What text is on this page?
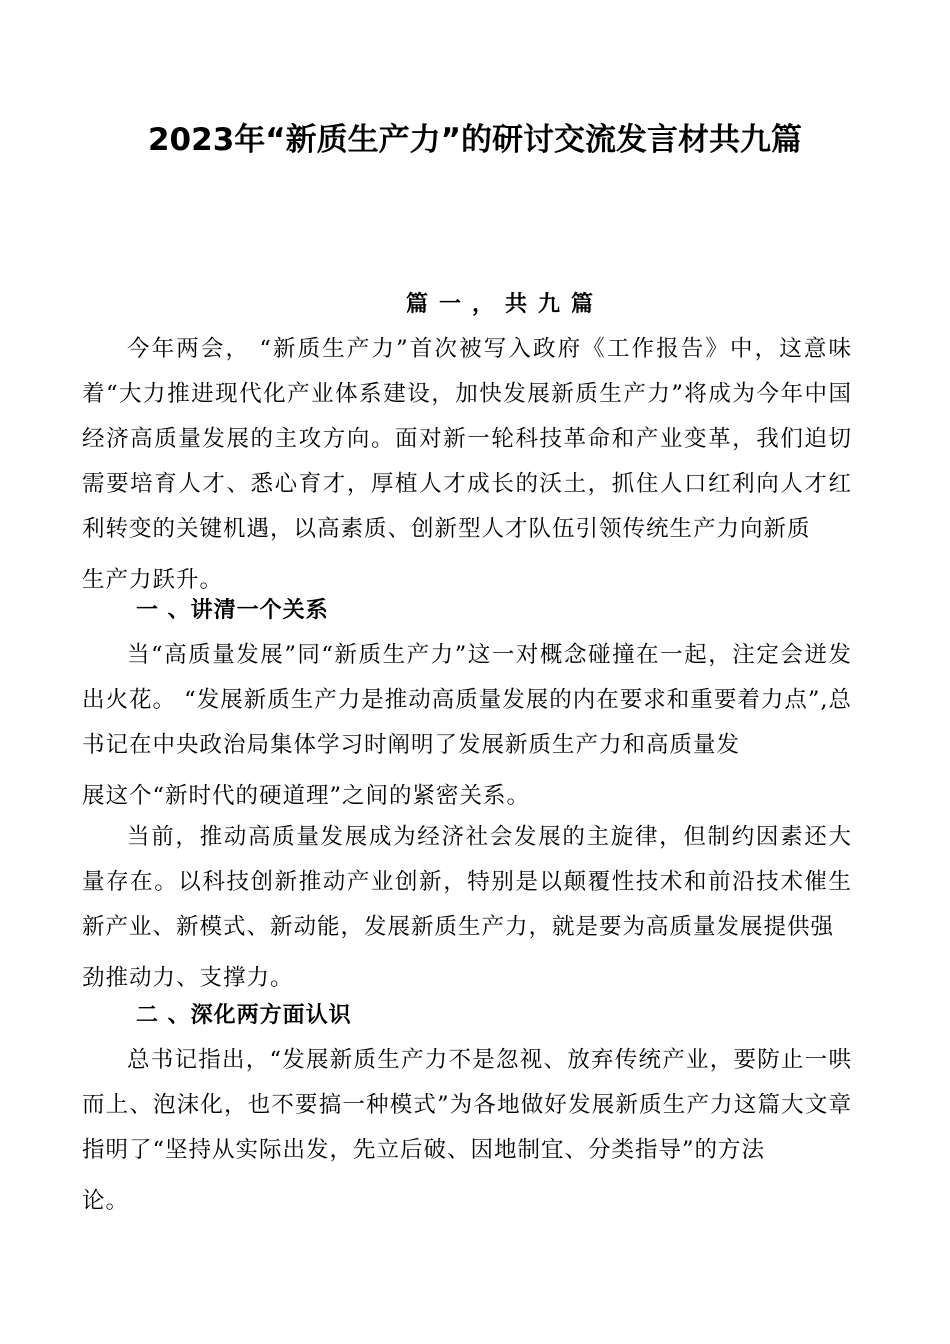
2023年“新质生产力”的研讨交流发言材共九篇
篇一，共九篇

今年两会， “新质生产力”首次被写入政府《工作报告》中，这意味着“大力推进现代化产业体系建设，加快发展新质生产力”将成为今年中国经济高质量发展的主攻方向。面对新一轮科技革命和产业变革，我们迫切需要培育人才、悉心育才，厚植人才成长的沃土，抓住人口红利向人才红利转变的关键机遇，以高素质、创新型人才队伍引领传统生产力向新质
生产力跃升。

一 、讲清一个关系

当“高质量发展”同“新质生产力”这一对概念碰撞在一起，注定会迸发出火花。 “发展新质生产力是推动高质量发展的内在要求和重要着力点”,总书记在中央政治局集体学习时阐明了发展新质生产力和高质量发
展这个“新时代的硬道理”之间的紧密关系。

当前，推动高质量发展成为经济社会发展的主旋律，但制约因素还大量存在。以科技创新推动产业创新，特别是以颠覆性技术和前沿技术催生新产业、新模式、新动能，发展新质生产力，就是要为高质量发展提供强
劲推动力、支撑力。

二 、深化两方面认识

总书记指出，“发展新质生产力不是忽视、放弃传统产业，要防止一哄而上、泡沫化，也不要搞一种模式”为各地做好发展新质生产力这篇大文章指明了“坚持从实际出发，先立后破、因地制宜、分类指导”的方法
论。
